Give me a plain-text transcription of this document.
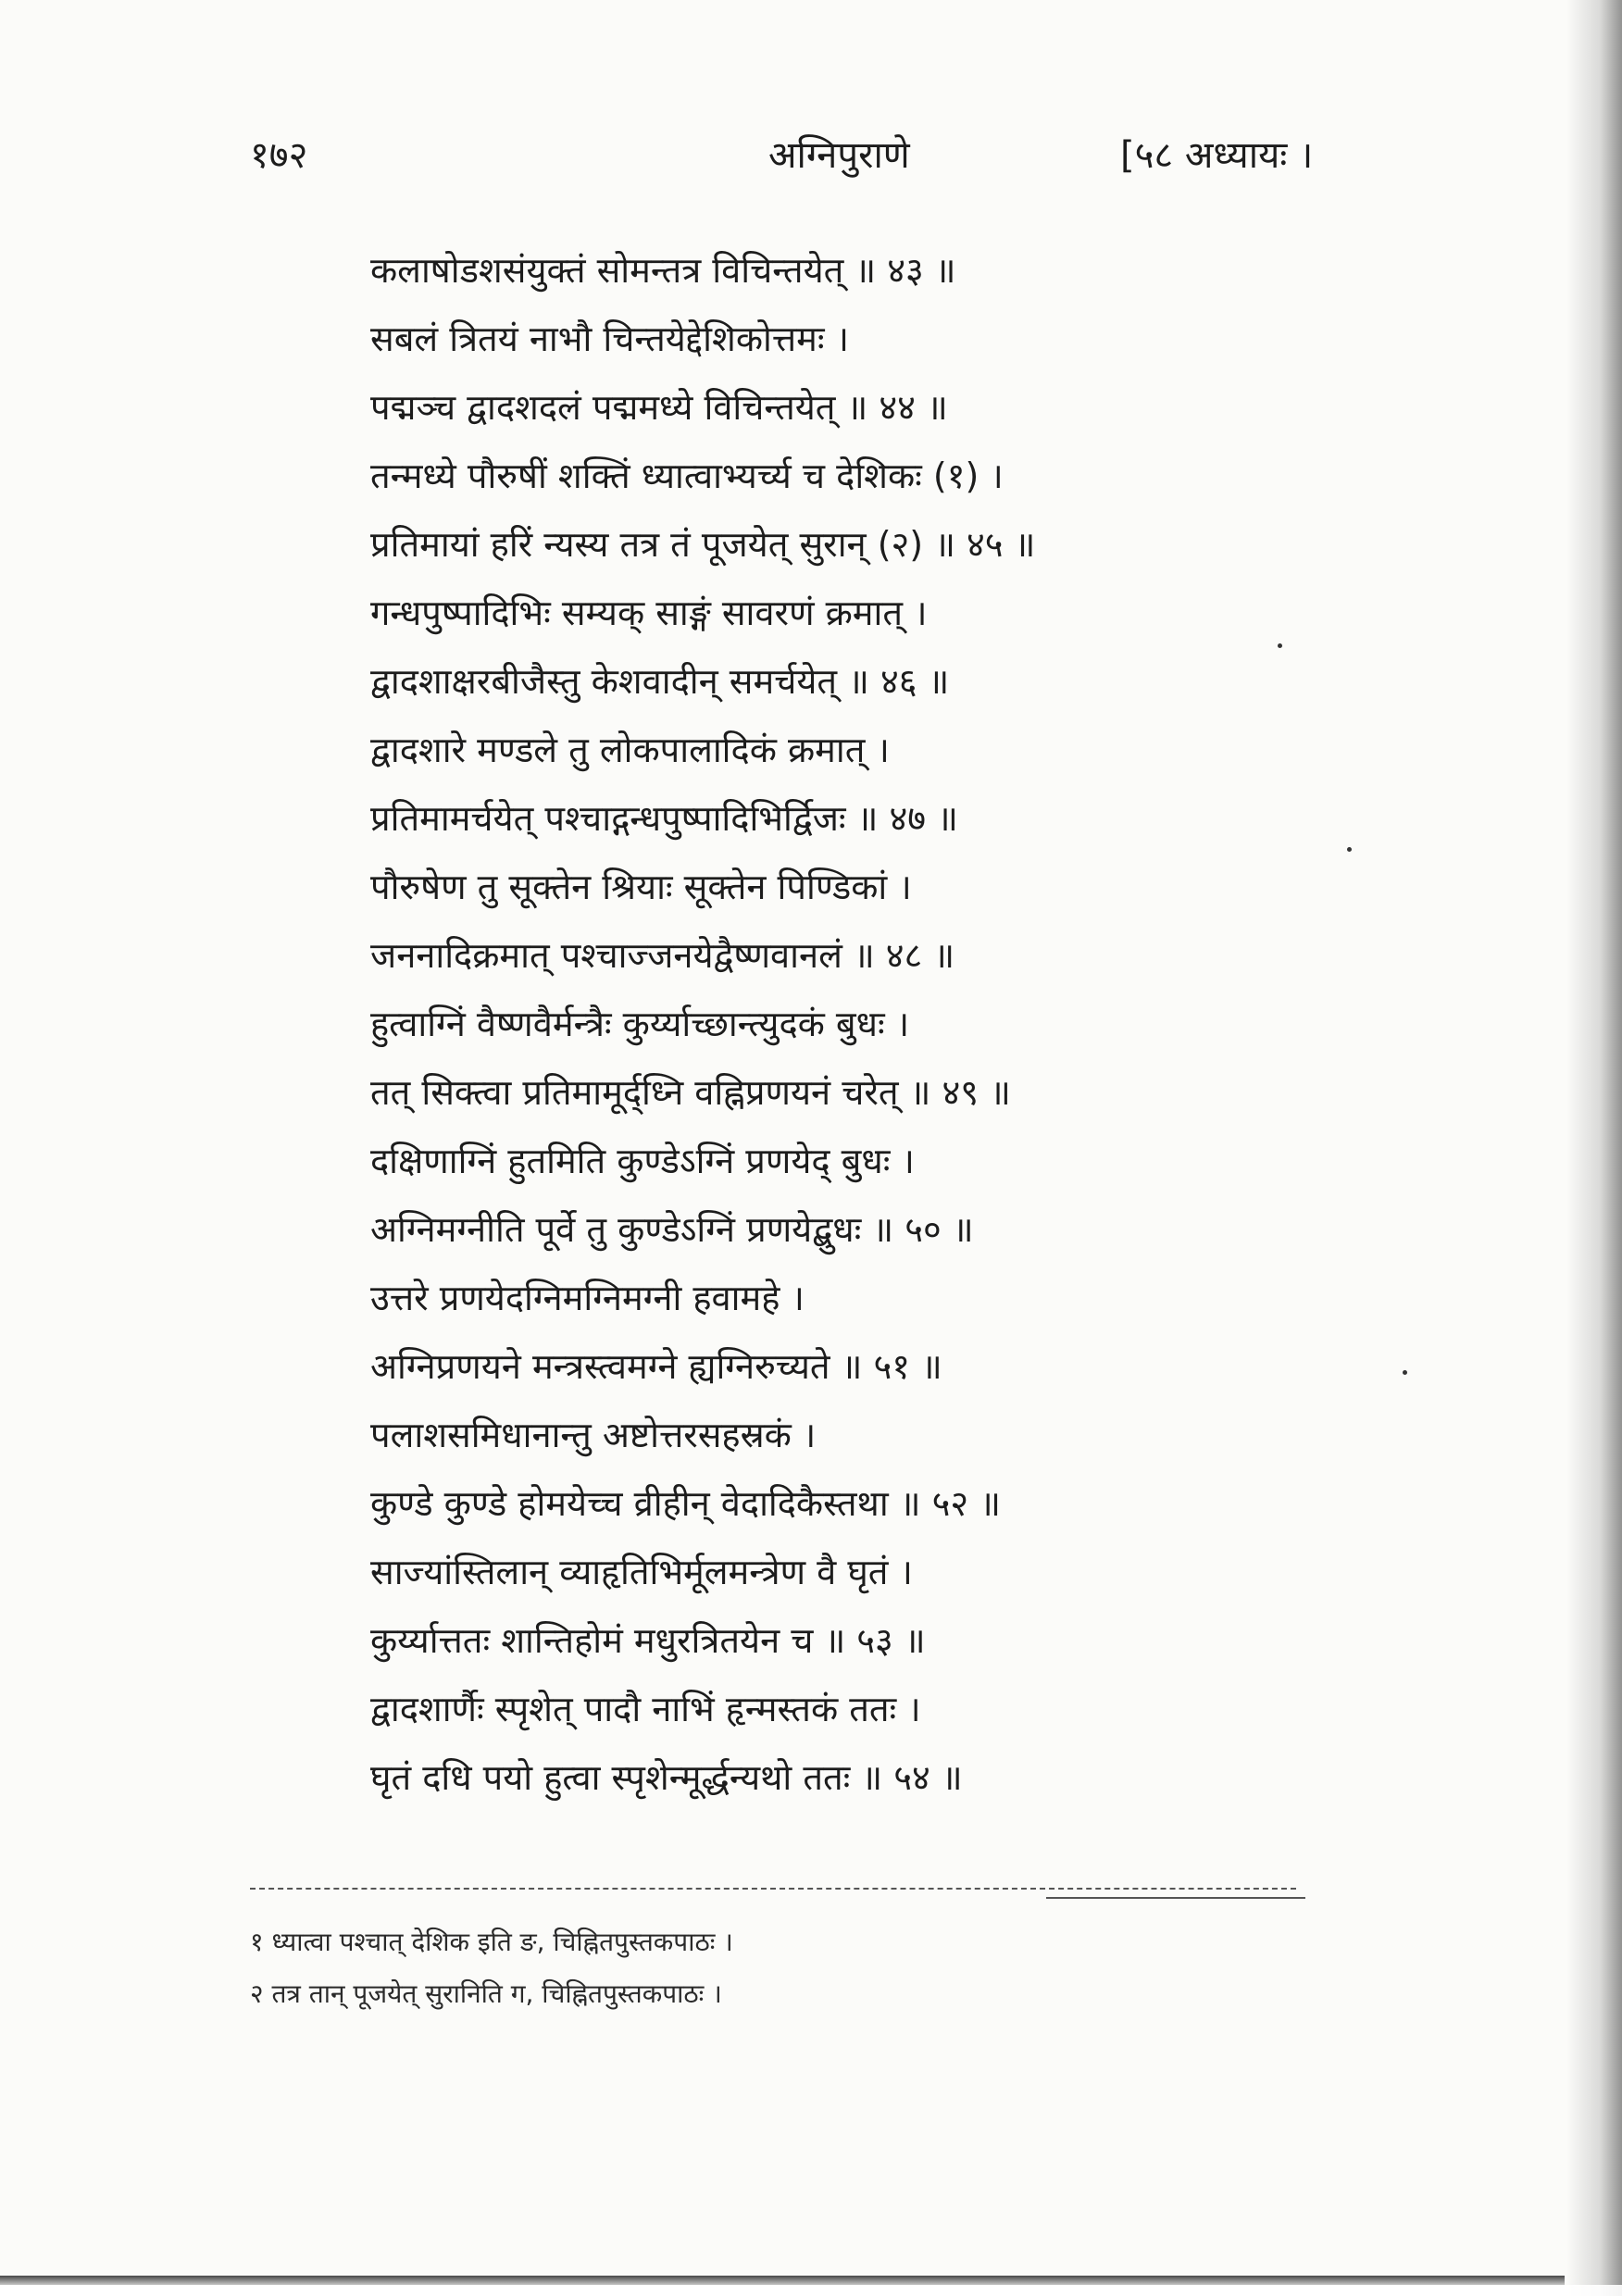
१७२	अग्निपुराणे	[५८ अध्यायः ।
कलाषोडशसंयुक्तं सोमन्तत्र विचिन्तयेत् ॥ ४३ ॥
सबलं त्रितयं नाभौ चिन्तयेद्देशिकोत्तमः ।
पद्मञ्च द्वादशदलं पद्ममध्ये विचिन्तयेत् ॥ ४४ ॥
तन्मध्ये पौरुषीं शक्तिं ध्यात्वाभ्यर्च्य च देशिकः (१) ।
प्रतिमायां हरिं न्यस्य तत्र तं पूजयेत् सुरान् (२) ॥ ४५ ॥
गन्धपुष्पादिभिः सम्यक् साङ्गं सावरणं क्रमात् ।
द्वादशाक्षरबीजैस्तु केशवादीन् समर्चयेत् ॥ ४६ ॥
द्वादशारे मण्डले तु लोकपालादिकं क्रमात् ।
प्रतिमामर्चयेत् पश्चाद्गन्धपुष्पादिभिर्द्विजः ॥ ४७ ॥
पौरुषेण तु सूक्तेन श्रियाः सूक्तेन पिण्डिकां ।
जननादिक्रमात् पश्चाज्जनयेद्वैष्णवानलं ॥ ४८ ॥
हुत्वाग्निं वैष्णवैर्मन्त्रैः कुर्य्याच्छान्त्युदकं बुधः ।
तत् सिक्त्वा प्रतिमामूर्द्ध्नि वह्निप्रणयनं चरेत् ॥ ४९ ॥
दक्षिणाग्निं हुतमिति कुण्डेऽग्निं प्रणयेद् बुधः ।
अग्निमग्नीति पूर्वे तु कुण्डेऽग्निं प्रणयेद्बुधः ॥ ५० ॥
उत्तरे प्रणयेदग्निमग्निमग्नी हवामहे ।
अग्निप्रणयने मन्त्रस्त्वमग्ने ह्यग्निरुच्यते ॥ ५१ ॥
पलाशसमिधानान्तु अष्टोत्तरसहस्रकं ।
कुण्डे कुण्डे होमयेच्च व्रीहीन् वेदादिकैस्तथा ॥ ५२ ॥
साज्यांस्तिलान् व्याहृतिभिर्मूलमन्त्रेण वै घृतं ।
कुर्य्यात्ततः शान्तिहोमं मधुरत्रितयेन च ॥ ५३ ॥
द्वादशार्णैः स्पृशेत् पादौ नाभिं हृन्मस्तकं ततः ।
घृतं दधि पयो हुत्वा स्पृशेन्मूर्द्धन्यथो ततः ॥ ५४ ॥
१ ध्यात्वा पश्चात् देशिक इति ङ, चिह्नितपुस्तकपाठः ।
२ तत्र तान् पूजयेत् सुरानिति ग, चिह्नितपुस्तकपाठः ।
